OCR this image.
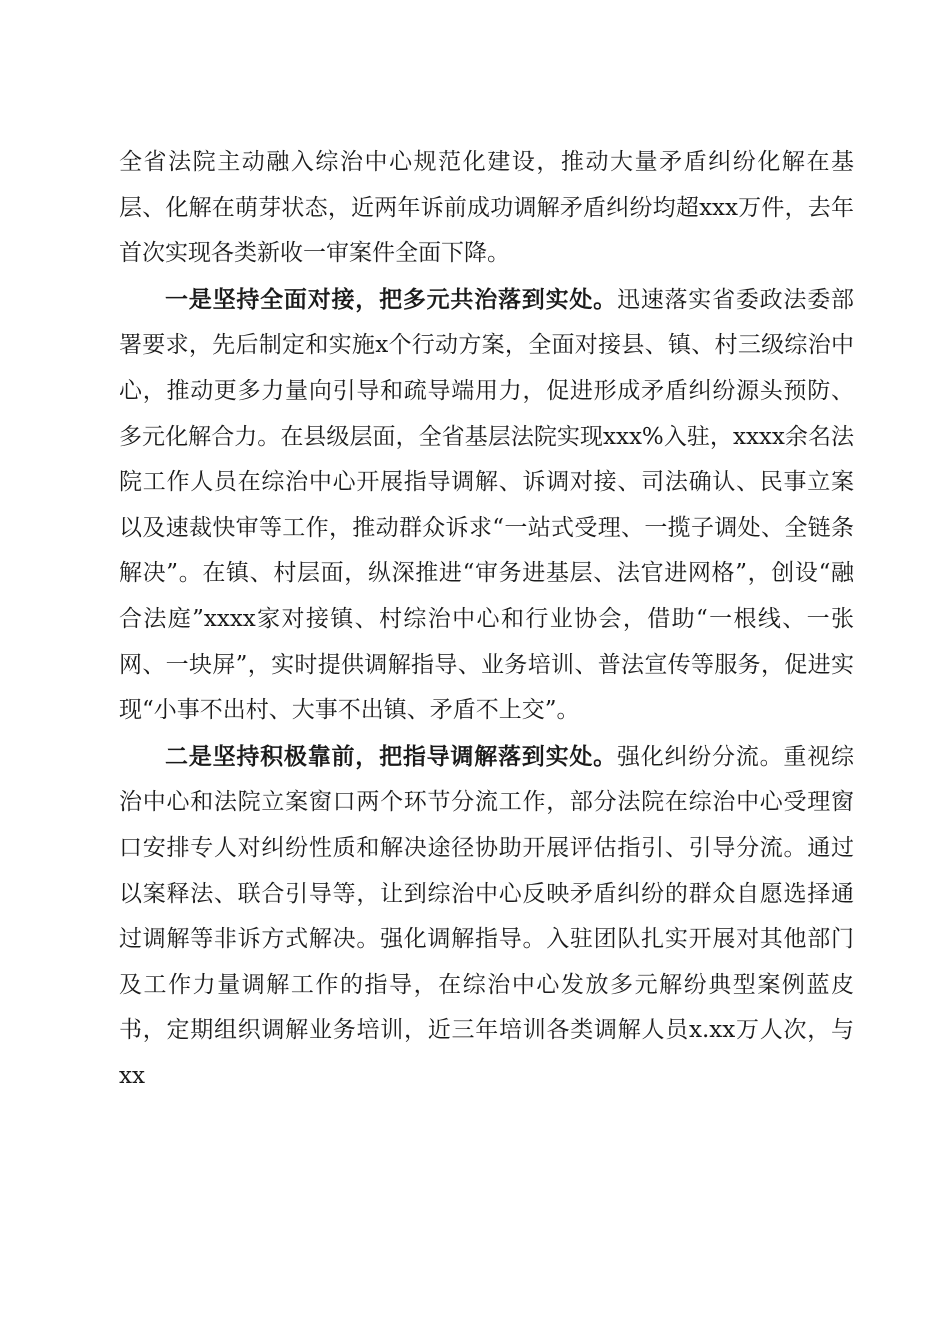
全省法院主动融入综治中心规范化建设，推动大量矛盾纠纷化解在基层、化解在萌芽状态，近两年诉前成功调解矛盾纠纷均超xxx万件，去年首次实现各类新收一审案件全面下降。

一是坚持全面对接，把多元共治落到实处。迅速落实省委政法委部署要求，先后制定和实施x个行动方案，全面对接县、镇、村三级综治中心，推动更多力量向引导和疏导端用力，促进形成矛盾纠纷源头预防、多元化解合力。在县级层面，全省基层法院实现xxx%入驻，xxxx余名法院工作人员在综治中心开展指导调解、诉调对接、司法确认、民事立案以及速裁快审等工作，推动群众诉求“一站式受理、一揽子调处、全链条解决”。在镇、村层面，纵深推进“审务进基层、法官进网格”，创设“融合法庭”xxxx家对接镇、村综治中心和行业协会，借助“一根线、一张网、一块屏”，实时提供调解指导、业务培训、普法宣传等服务，促进实现“小事不出村、大事不出镇、矛盾不上交”。

二是坚持积极靠前，把指导调解落到实处。强化纠纷分流。重视综治中心和法院立案窗口两个环节分流工作，部分法院在综治中心受理窗口安排专人对纠纷性质和解决途径协助开展评估指引、引导分流。通过以案释法、联合引导等，让到综治中心反映矛盾纠纷的群众自愿选择通过调解等非诉方式解决。强化调解指导。入驻团队扎实开展对其他部门及工作力量调解工作的指导，在综治中心发放多元解纷典型案例蓝皮书，定期组织调解业务培训，近三年培训各类调解人员x.xx万人次，与xx
